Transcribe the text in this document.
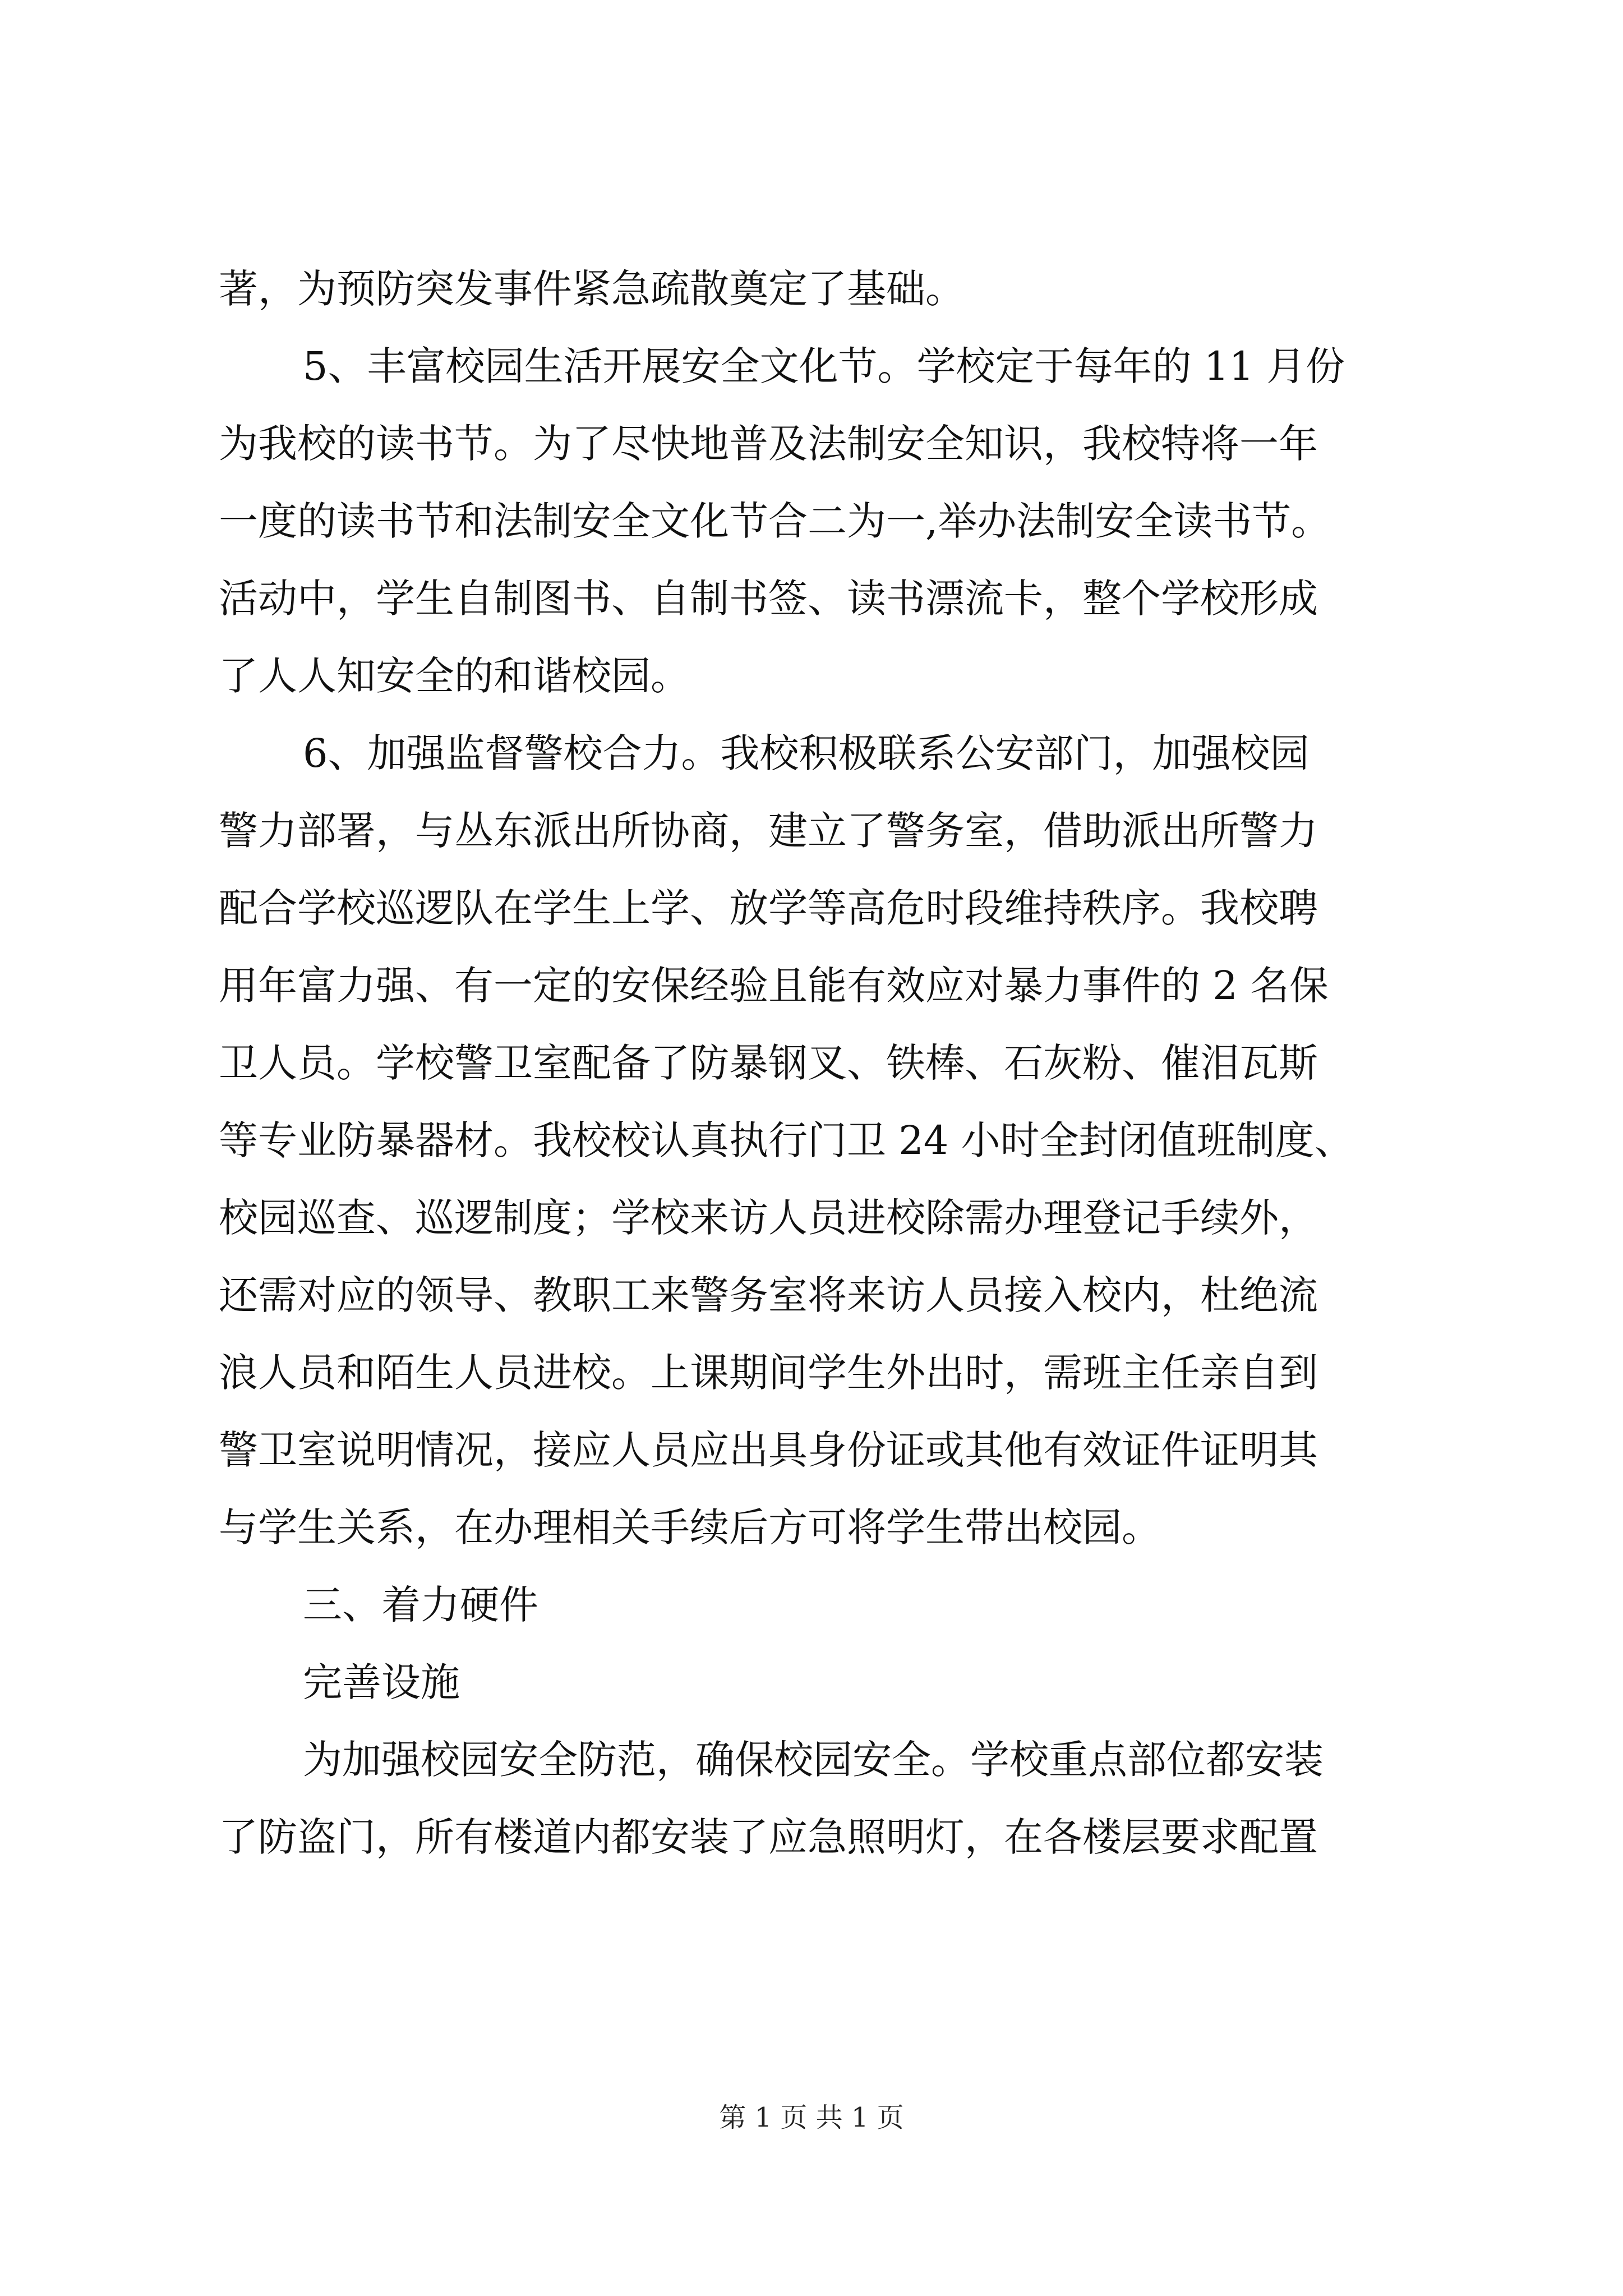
著，为预防突发事件紧急疏散奠定了基础。
5、丰富校园生活开展安全文化节。学校定于每年的 11 月份
为我校的读书节。为了尽快地普及法制安全知识，我校特将一年
一度的读书节和法制安全文化节合二为一,举办法制安全读书节。
活动中，学生自制图书、自制书签、读书漂流卡，整个学校形成
了人人知安全的和谐校园。
6、加强监督警校合力。我校积极联系公安部门，加强校园
警力部署，与丛东派出所协商，建立了警务室，借助派出所警力
配合学校巡逻队在学生上学、放学等高危时段维持秩序。我校聘
用年富力强、有一定的安保经验且能有效应对暴力事件的 2 名保
卫人员。学校警卫室配备了防暴钢叉、铁棒、石灰粉、催泪瓦斯
等专业防暴器材。我校校认真执行门卫 24 小时全封闭值班制度、
校园巡查、巡逻制度；学校来访人员进校除需办理登记手续外，
还需对应的领导、教职工来警务室将来访人员接入校内，杜绝流
浪人员和陌生人员进校。上课期间学生外出时，需班主任亲自到
警卫室说明情况，接应人员应出具身份证或其他有效证件证明其
与学生关系，在办理相关手续后方可将学生带出校园。
三、着力硬件
完善设施
为加强校园安全防范，确保校园安全。学校重点部位都安装
了防盗门，所有楼道内都安装了应急照明灯，在各楼层要求配置
第 1 页 共 1 页
